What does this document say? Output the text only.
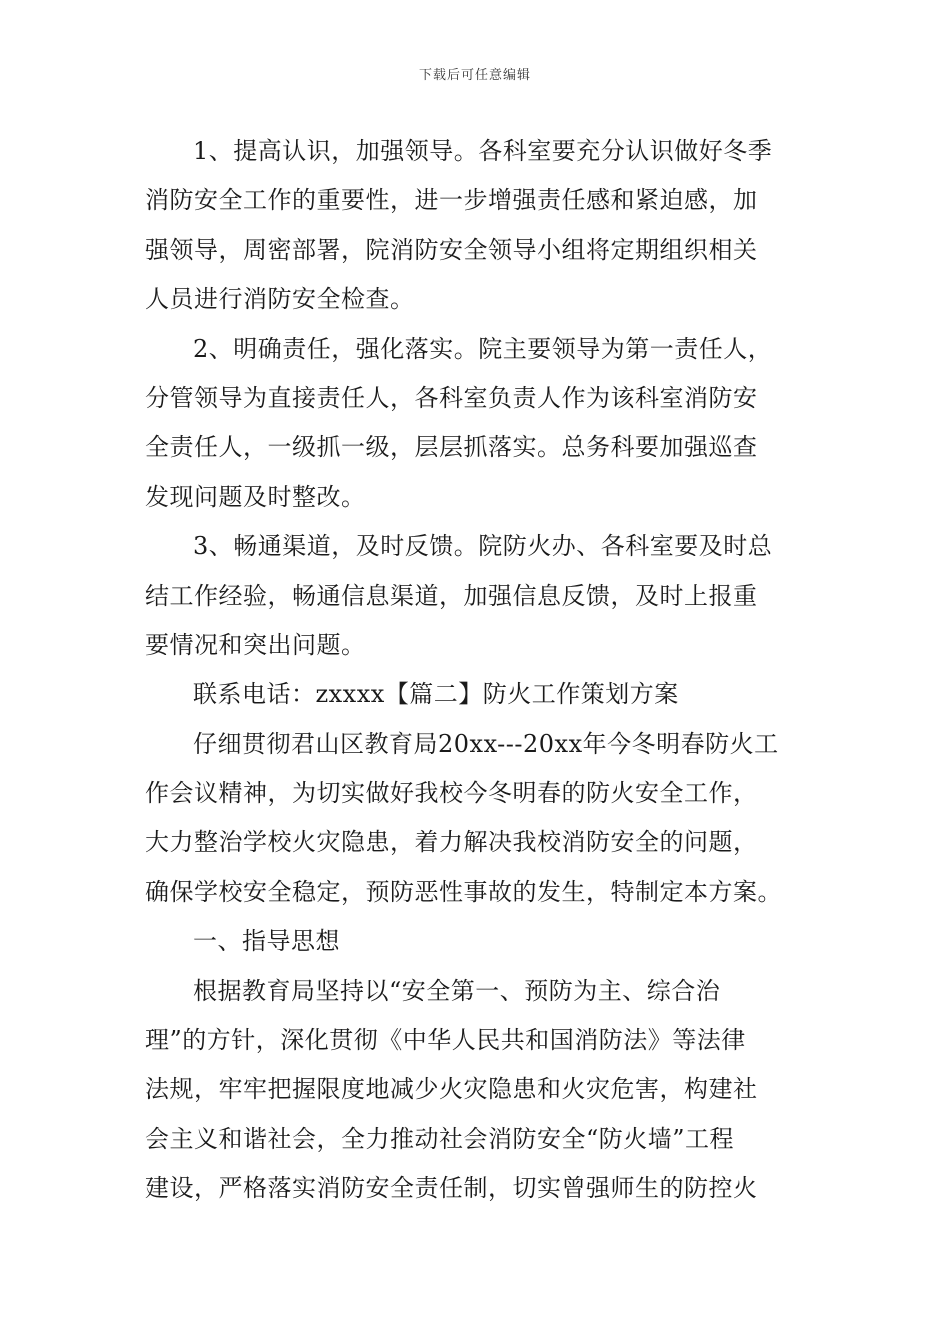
下载后可任意编辑
1、提高认识，加强领导。各科室要充分认识做好冬季
消防安全工作的重要性，进一步增强责任感和紧迫感，加
强领导，周密部署，院消防安全领导小组将定期组织相关
人员进行消防安全检查。
2、明确责任，强化落实。院主要领导为第一责任人，
分管领导为直接责任人，各科室负责人作为该科室消防安
全责任人，一级抓一级，层层抓落实。总务科要加强巡查
发现问题及时整改。
3、畅通渠道，及时反馈。院防火办、各科室要及时总
结工作经验，畅通信息渠道，加强信息反馈，及时上报重
要情况和突出问题。
联系电话：zxxxx【篇二】防火工作策划方案
仔细贯彻君山区教育局20xx---20xx年今冬明春防火工
作会议精神，为切实做好我校今冬明春的防火安全工作，
大力整治学校火灾隐患，着力解决我校消防安全的问题，
确保学校安全稳定，预防恶性事故的发生，特制定本方案。
一、指导思想
根据教育局坚持以“安全第一、预防为主、综合治
理”的方针，深化贯彻《中华人民共和国消防法》等法律
法规，牢牢把握限度地减少火灾隐患和火灾危害，构建社
会主义和谐社会，全力推动社会消防安全“防火墙”工程
建设，严格落实消防安全责任制，切实曾强师生的防控火
